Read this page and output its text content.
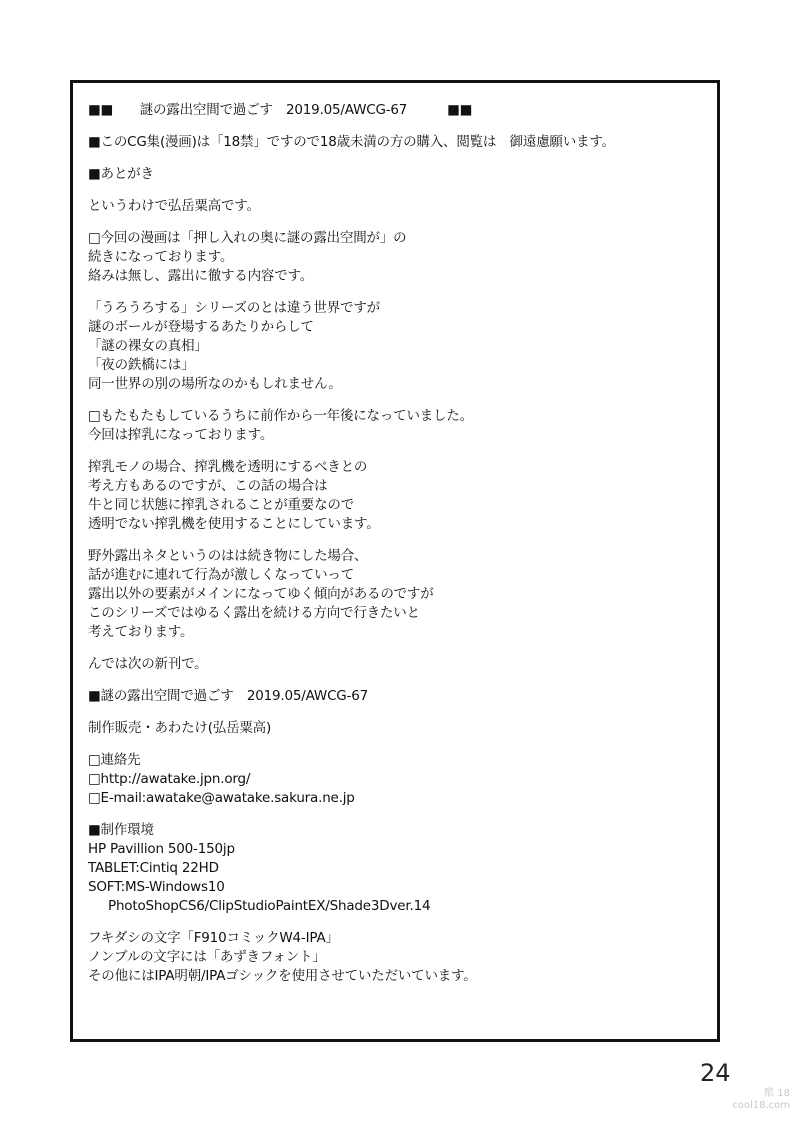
■■　　謎の露出空間で過ごす　2019.05/AWCG-67　　　■■
■このCG集(漫画)は「18禁」ですので18歳未満の方の購入、閲覧は　御遠慮願います。
■あとがき
というわけで弘岳粟高です。
□今回の漫画は「押し入れの奥に謎の露出空間が」の
続きになっております。
絡みは無し、露出に徹する内容です。
「うろうろする」シリーズのとは違う世界ですが
謎のボールが登場するあたりからして
「謎の裸女の真相」
「夜の鉄橋には」
同一世界の別の場所なのかもしれません。
□もたもたもしているうちに前作から一年後になっていました。
今回は搾乳になっております。
搾乳モノの場合、搾乳機を透明にするべきとの
考え方もあるのですが、この話の場合は
牛と同じ状態に搾乳されることが重要なので
透明でない搾乳機を使用することにしています。
野外露出ネタというのはは続き物にした場合、
話が進むに連れて行為が激しくなっていって
露出以外の要素がメインになってゆく傾向があるのですが
このシリーズではゆるく露出を続ける方向で行きたいと
考えております。
んでは次の新刊で。
■謎の露出空間で過ごす　2019.05/AWCG-67
制作販売・あわたけ(弘岳粟高)
□連絡先
□http://awatake.jpn.org/
□E-mail:awatake@awatake.sakura.ne.jp
■制作環境
HP Pavillion 500-150jp
TABLET:Cintiq 22HD
SOFT:MS-Windows10
PhotoShopCS6/ClipStudioPaintEX/Shade3Dver.14
フキダシの文字「F910コミックW4-IPA」
ノンブルの文字には「あずきフォント」
その他にはIPA明朝/IPAゴシックを使用させていただいています。
24
酷 18
cool18.com
